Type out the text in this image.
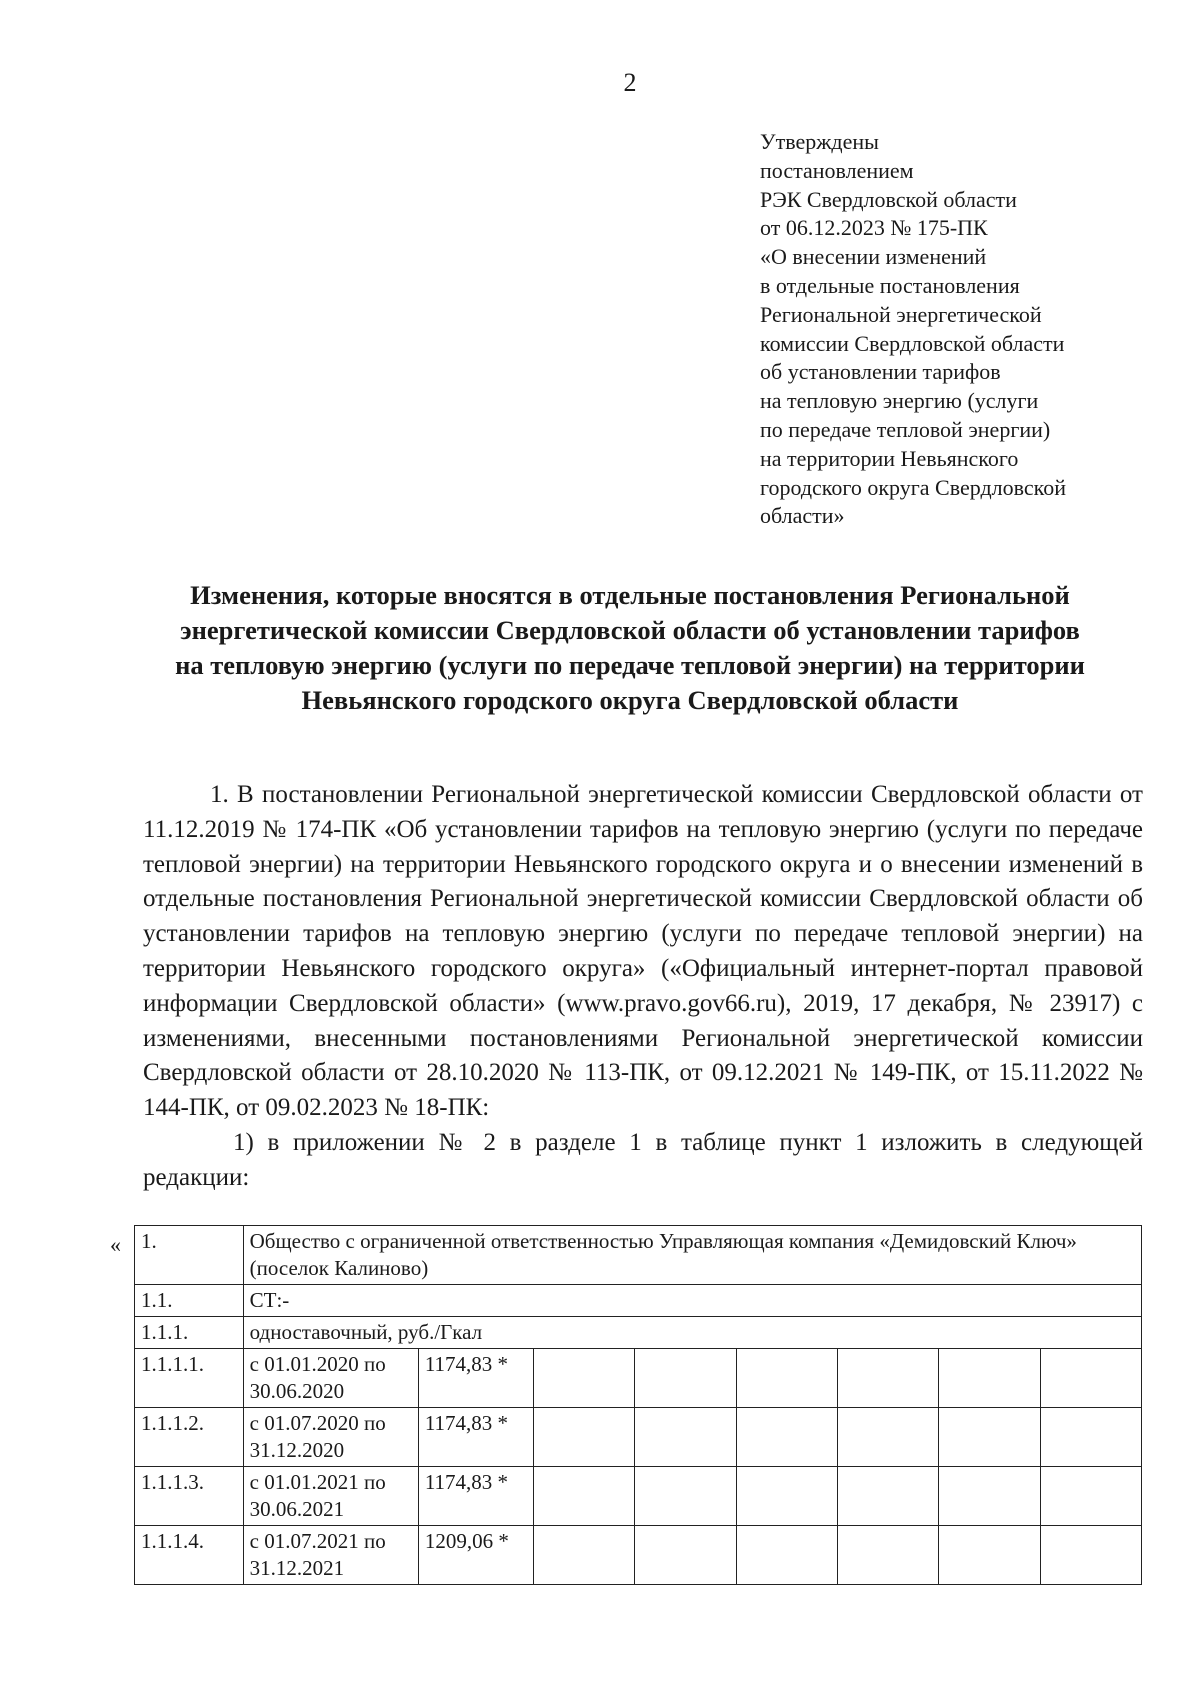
2
Утверждены
постановлением
РЭК Свердловской области
от 06.12.2023 № 175-ПК
«О внесении изменений
в отдельные постановления
Региональной энергетической
комиссии Свердловской области
об установлении тарифов
на тепловую энергию (услуги
по передаче тепловой энергии)
на территории Невьянского
городского округа Свердловской
области»
Изменения, которые вносятся в отдельные постановления Региональной
энергетической комиссии Свердловской области об установлении тарифов
на тепловую энергию (услуги по передаче тепловой энергии) на территории
Невьянского городского округа Свердловской области

1. В постановлении Региональной энергетической комиссии Свердловской области от 11.12.2019 № 174-ПК «Об установлении тарифов на тепловую энергию (услуги по передаче тепловой энергии) на территории Невьянского городского округа и о внесении изменений в отдельные постановления Региональной энергетической комиссии Свердловской области об установлении тарифов на тепловую энергию (услуги по передаче тепловой энергии) на территории Невьянского городского округа» («Официальный интернет-портал правовой информации Свердловской области» (www.pravo.gov66.ru), 2019, 17 декабря, № 23917) с изменениями, внесенными постановлениями Региональной энергетической комиссии Свердловской области от 28.10.2020 № 113-ПК, от 09.12.2021 № 149-ПК, от 15.11.2022 № 144-ПК, от 09.02.2023 № 18-ПК:

1) в приложении № 2 в разделе 1 в таблице пункт 1 изложить в следующей редакции:

« 1.	Общество с ограниченной ответственностью Управляющая компания «Демидовский Ключ» (поселок Калиново)							
1.1.	СТ:-							
1.1.1.	одноставочный, руб./Гкал							
1.1.1.1.	с 01.01.2020 по 30.06.2020	1174,83 *						
1.1.1.2.	с 01.07.2020 по 31.12.2020	1174,83 *						
1.1.1.3.	с 01.01.2021 по 30.06.2021	1174,83 *						
1.1.1.4.	с 01.07.2021 по 31.12.2021	1209,06 *						
